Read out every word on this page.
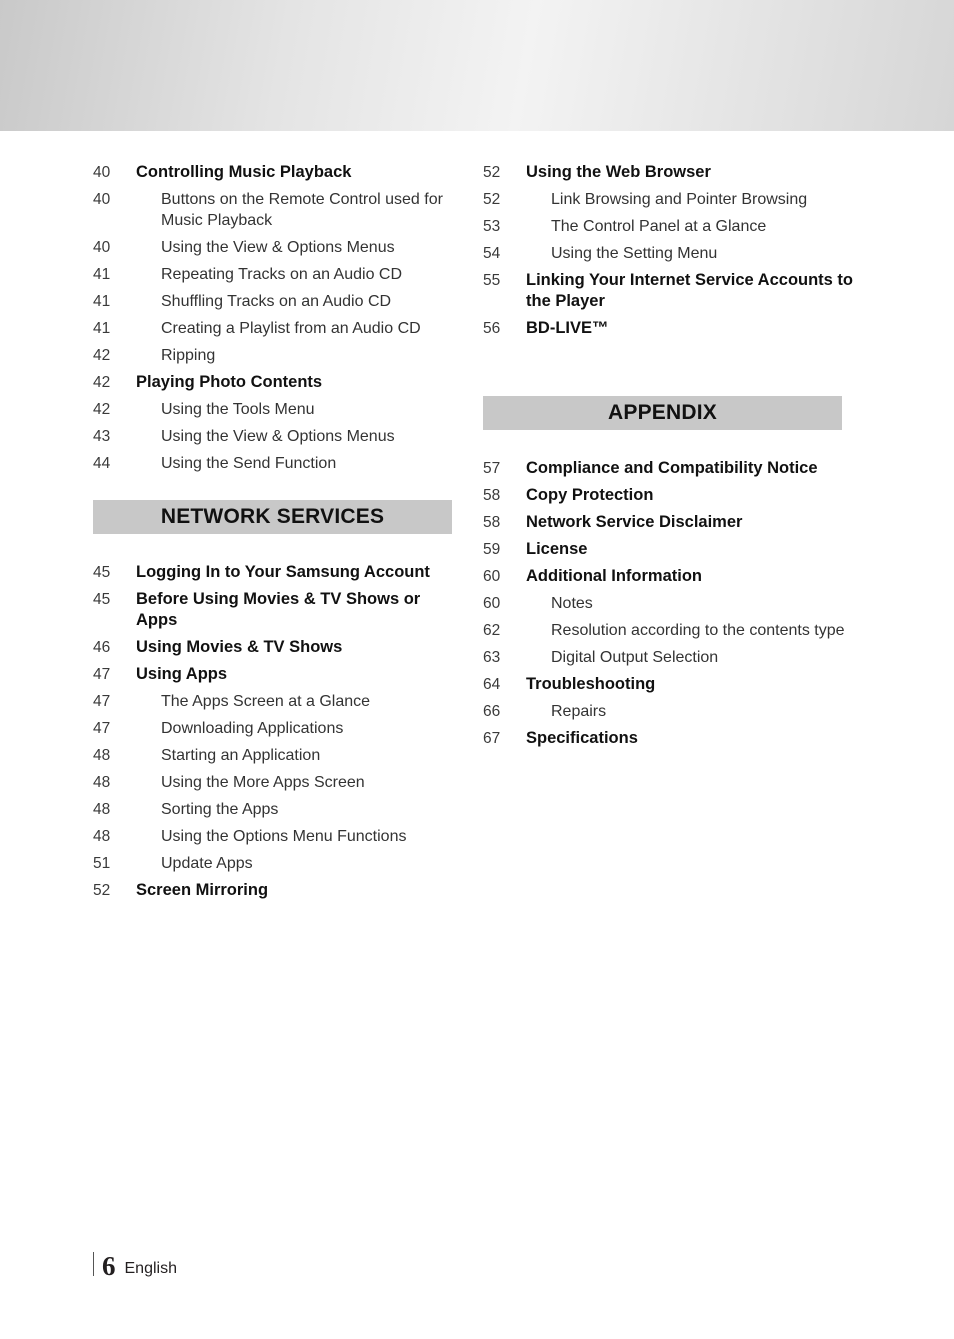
40	Controlling Music Playback
40	Buttons on the Remote Control used for Music Playback
40	Using the View & Options Menus
41	Repeating Tracks on an Audio CD
41	Shuffling Tracks on an Audio CD
41	Creating a Playlist from an Audio CD
42	Ripping
42	Playing Photo Contents
42	Using the Tools Menu
43	Using the View & Options Menus
44	Using the Send Function
NETWORK SERVICES
45	Logging In to Your Samsung Account
45	Before Using Movies & TV Shows or Apps
46	Using Movies & TV Shows
47	Using Apps
47	The Apps Screen at a Glance
47	Downloading Applications
48	Starting an Application
48	Using the More Apps Screen
48	Sorting the Apps
48	Using the Options Menu Functions
51	Update Apps
52	Screen Mirroring
52	Using the Web Browser
52	Link Browsing and Pointer Browsing
53	The Control Panel at a Glance
54	Using the Setting Menu
55	Linking Your Internet Service Accounts to the Player
56	BD-LIVE™
APPENDIX
57	Compliance and Compatibility Notice
58	Copy Protection
58	Network Service Disclaimer
59	License
60	Additional Information
60	Notes
62	Resolution according to the contents type
63	Digital Output Selection
64	Troubleshooting
66	Repairs
67	Specifications
6 English
